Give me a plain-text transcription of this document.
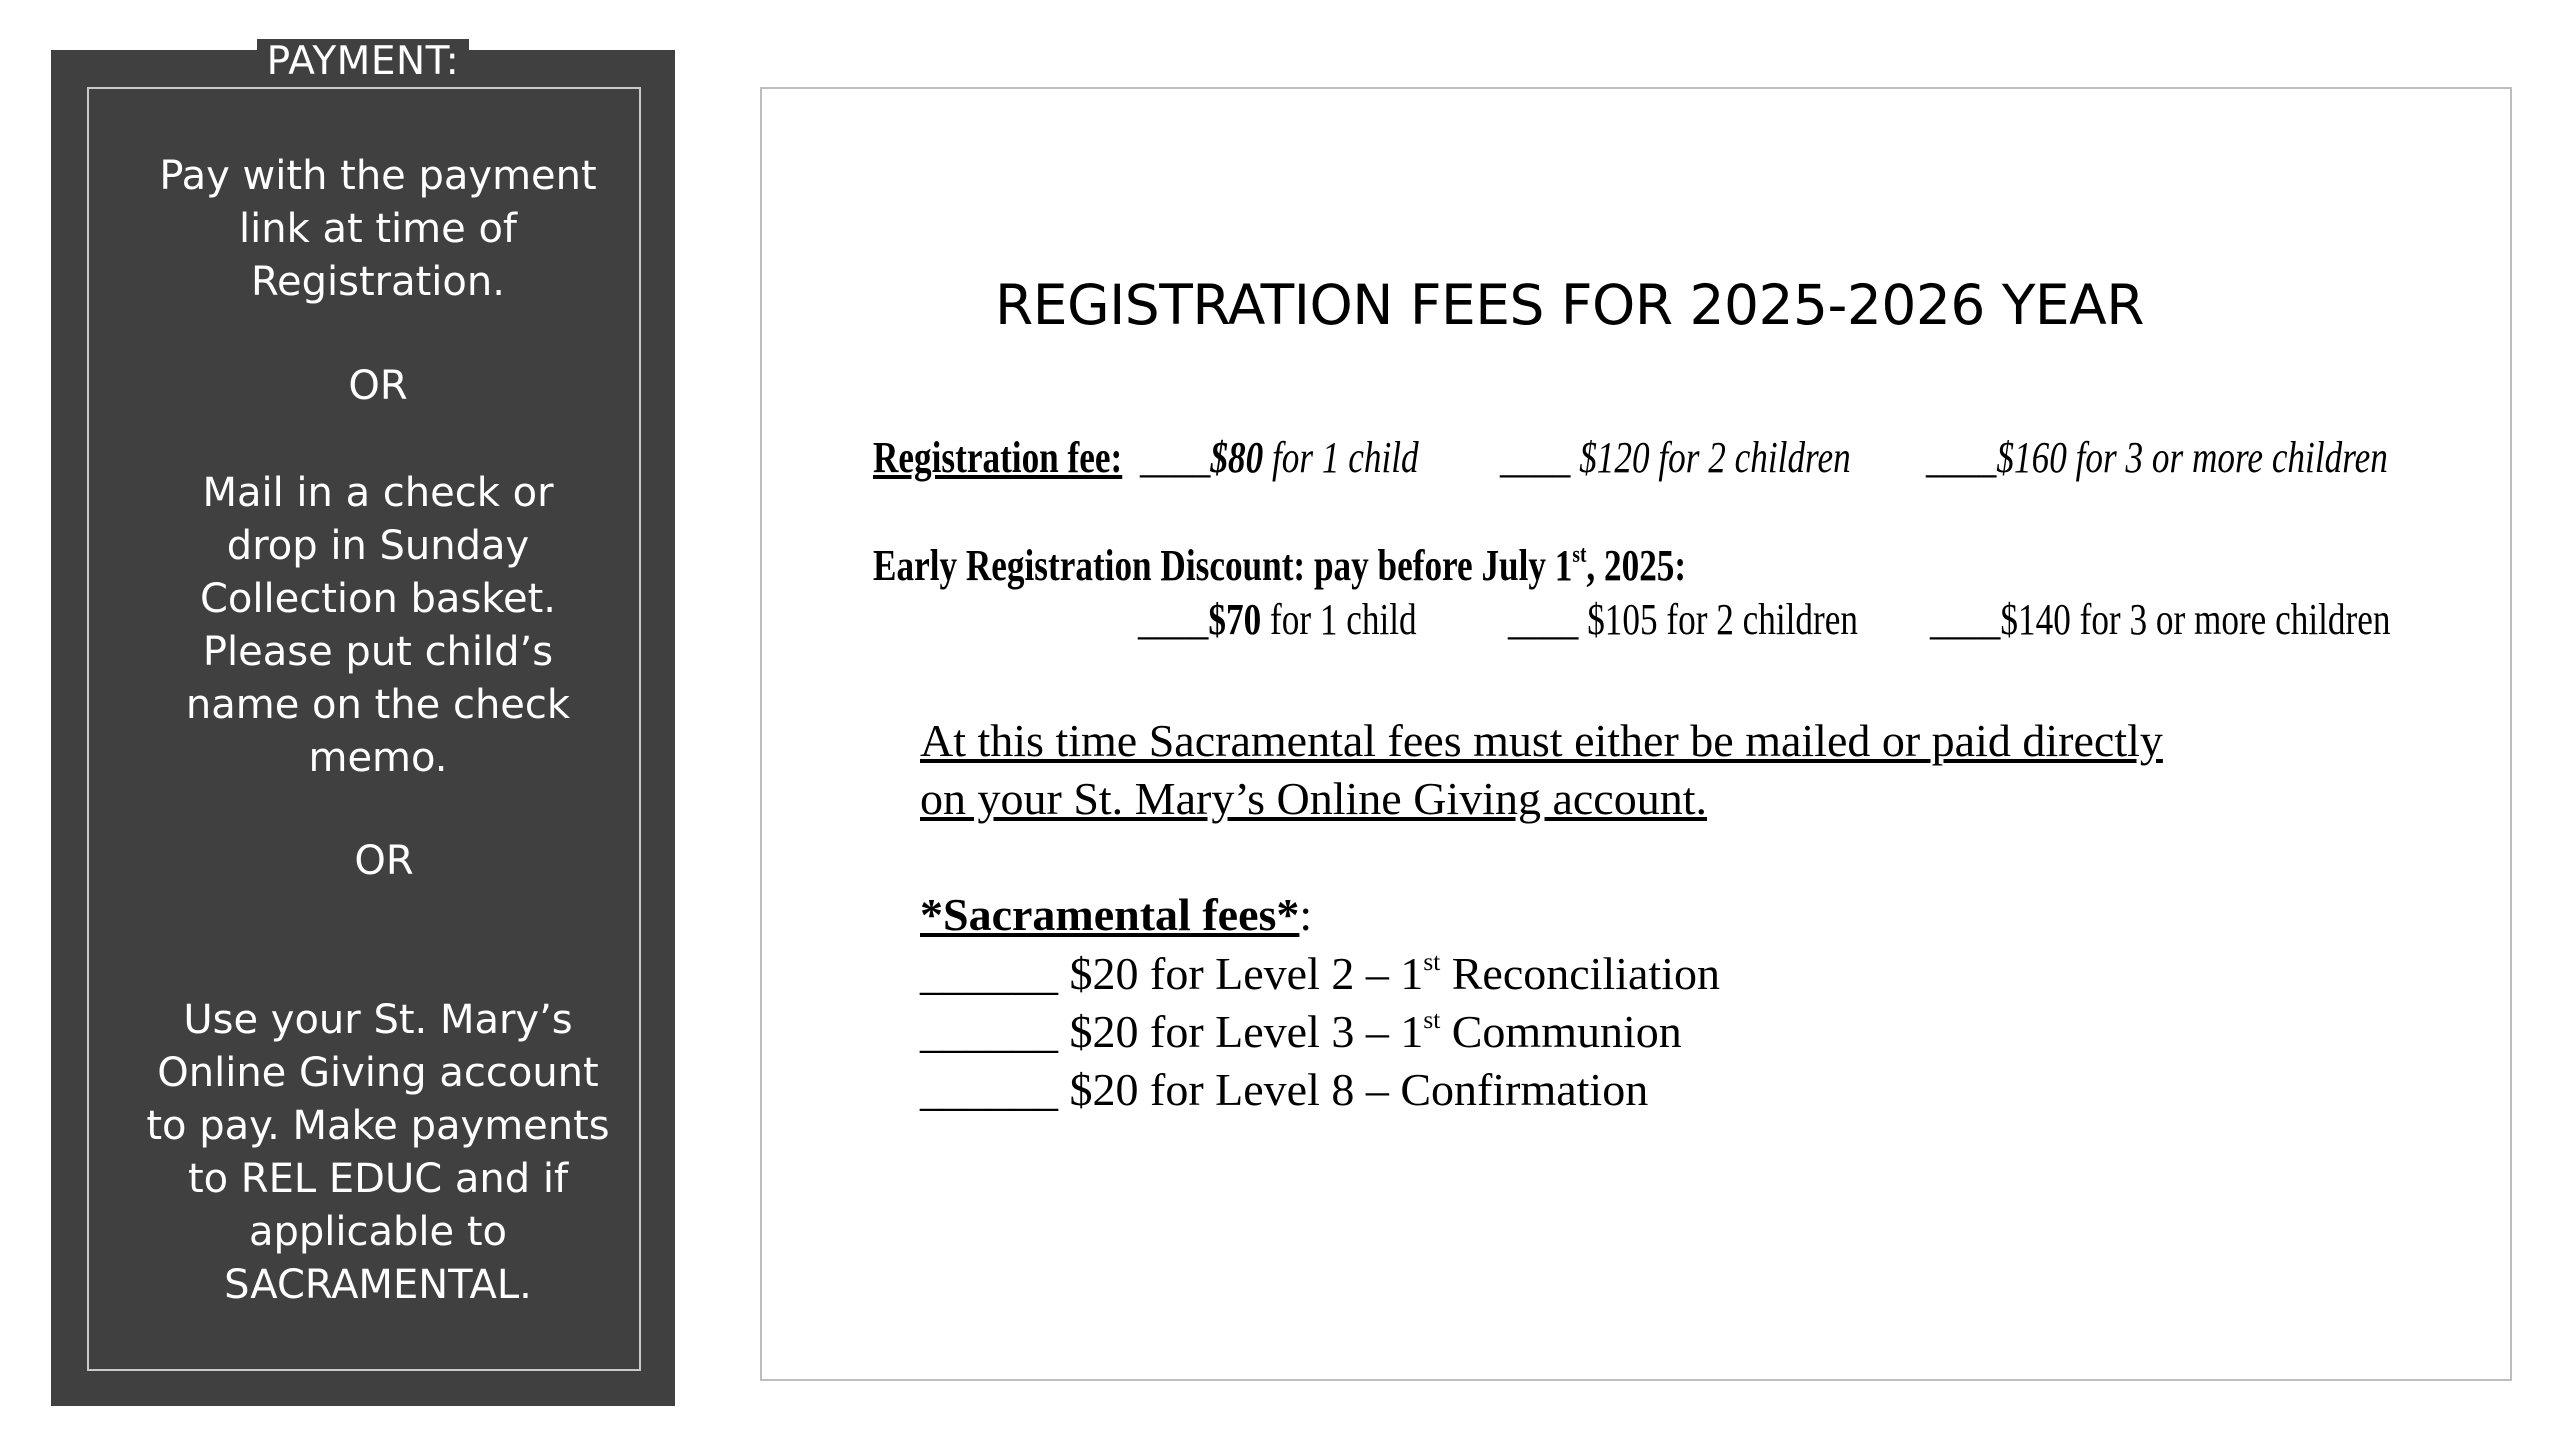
PAYMENT:
Pay with the payment
link at time of
Registration.
OR
Mail in a check or
drop in Sunday
Collection basket.
Please put child’s
name on the check
memo.
OR
Use your St. Mary’s
Online Giving account
to pay. Make payments
to REL EDUC and if
applicable to
SACRAMENTAL.
REGISTRATION FEES FOR 2025-2026 YEAR
Registration fee: ____$80 for 1 child ____ $120 for 2 children ____$160 for 3 or more children
Early Registration Discount: pay before July 1st, 2025:
____$70 for 1 child ____ $105 for 2 children ____$140 for 3 or more children
At this time Sacramental fees must either be mailed or paid directly
on your St. Mary’s Online Giving account.
*Sacramental fees*:
______ $20 for Level 2 – 1st Reconciliation
______ $20 for Level 3 – 1st Communion
______ $20 for Level 8 – Confirmation
